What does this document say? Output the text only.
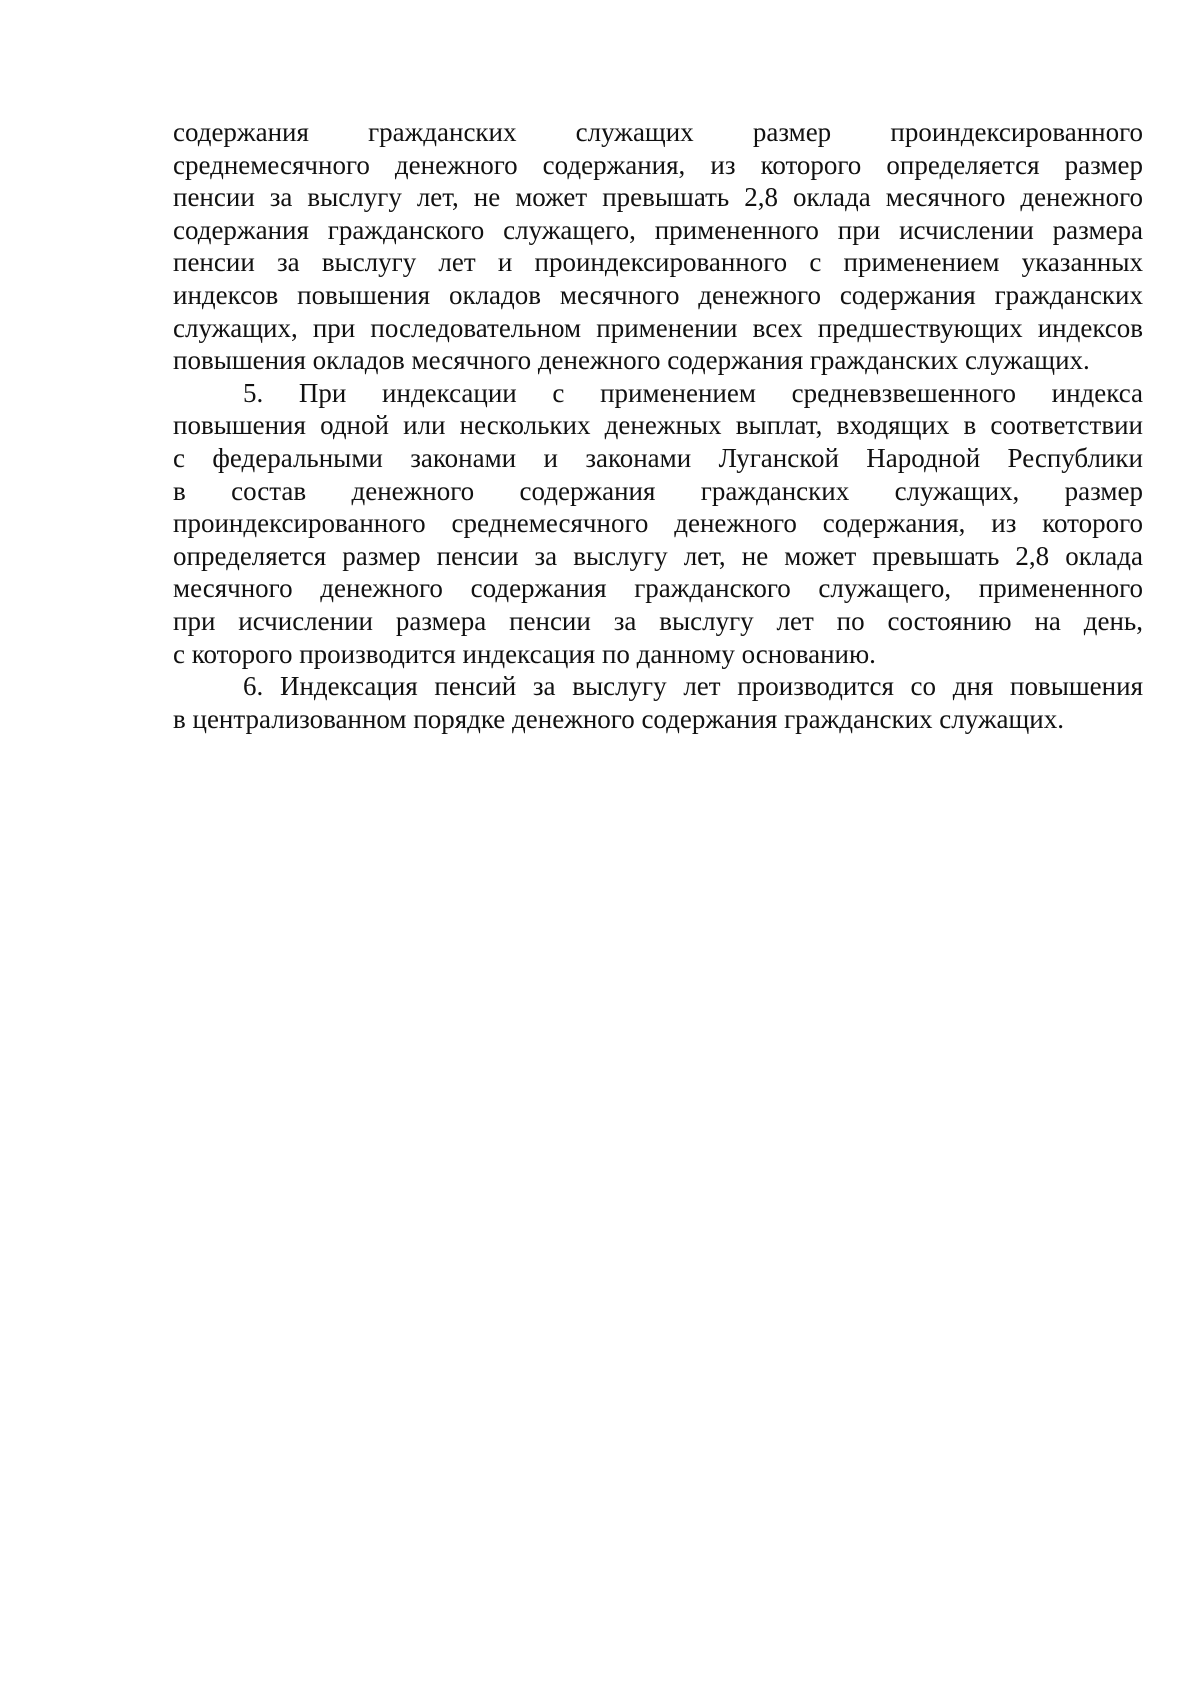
содержания гражданских служащих размер проиндексированного
среднемесячного денежного содержания, из которого определяется размер
пенсии за выслугу лет, не может превышать 2,8 оклада месячного денежного
содержания гражданского служащего, примененного при исчислении размера
пенсии за выслугу лет и проиндексированного с применением указанных
индексов повышения окладов месячного денежного содержания гражданских
служащих, при последовательном применении всех предшествующих индексов
повышения окладов месячного денежного содержания гражданских служащих.

5. При индексации с применением средневзвешенного индекса
повышения одной или нескольких денежных выплат, входящих в соответствии
с федеральными законами и законами Луганской Народной Республики
в состав денежного содержания гражданских служащих, размер
проиндексированного среднемесячного денежного содержания, из которого
определяется размер пенсии за выслугу лет, не может превышать 2,8 оклада
месячного денежного содержания гражданского служащего, примененного
при исчислении размера пенсии за выслугу лет по состоянию на день,
с которого производится индексация по данному основанию.

6. Индексация пенсий за выслугу лет производится со дня повышения
в централизованном порядке денежного содержания гражданских служащих.
